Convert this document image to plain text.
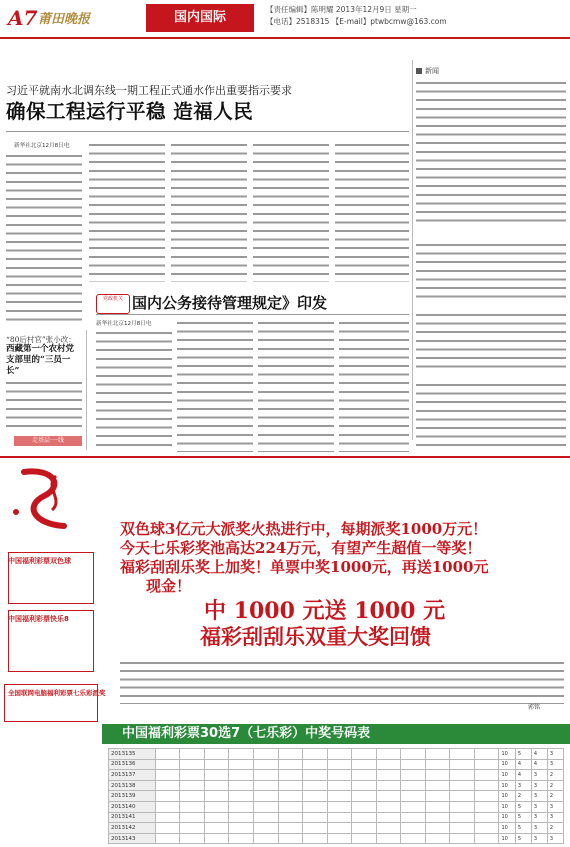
A7 莆田晚报	国内国际
【责任编辑】陈明耀 2013年12月9日 星期一
【电话】2518315 【E-mail】ptwbcmw@163.com
习近平就南水北调东线一期工程正式通水作出重要指示要求
确保工程运行平稳 造福人民
新华社北京12月8日电
“80后村官”张小改：
西藏第一个农村党支部里的“三员一长”
走基层·一线
党政机关 国内公务接待管理规定》印发
新华社北京12月8日电
新闻
中国福利彩票双色球
中国福利彩票快乐8
全国联网电脑福利彩票七乐彩派奖
双色球3亿元大派奖火热进行中，每期派奖1000万元！
今天七乐彩奖池高达224万元，有望产生超值一等奖！
福彩刮刮乐奖上加奖！单票中奖1000元，再送1000元
现金！
中 1000 元送 1000 元
福彩刮刮乐双重大奖回馈
郭铭
中国福利彩票30选7（七乐彩）中奖号码表
2013135															10	5	4	3
2013136															10	4	4	3
2013137															10	4	3	2
2013138															10	3	3	2
2013139															10	2	3	2
2013140															10	5	3	3
2013141															10	5	3	3
2013142															10	5	3	2
2013143															10	5	3	3
